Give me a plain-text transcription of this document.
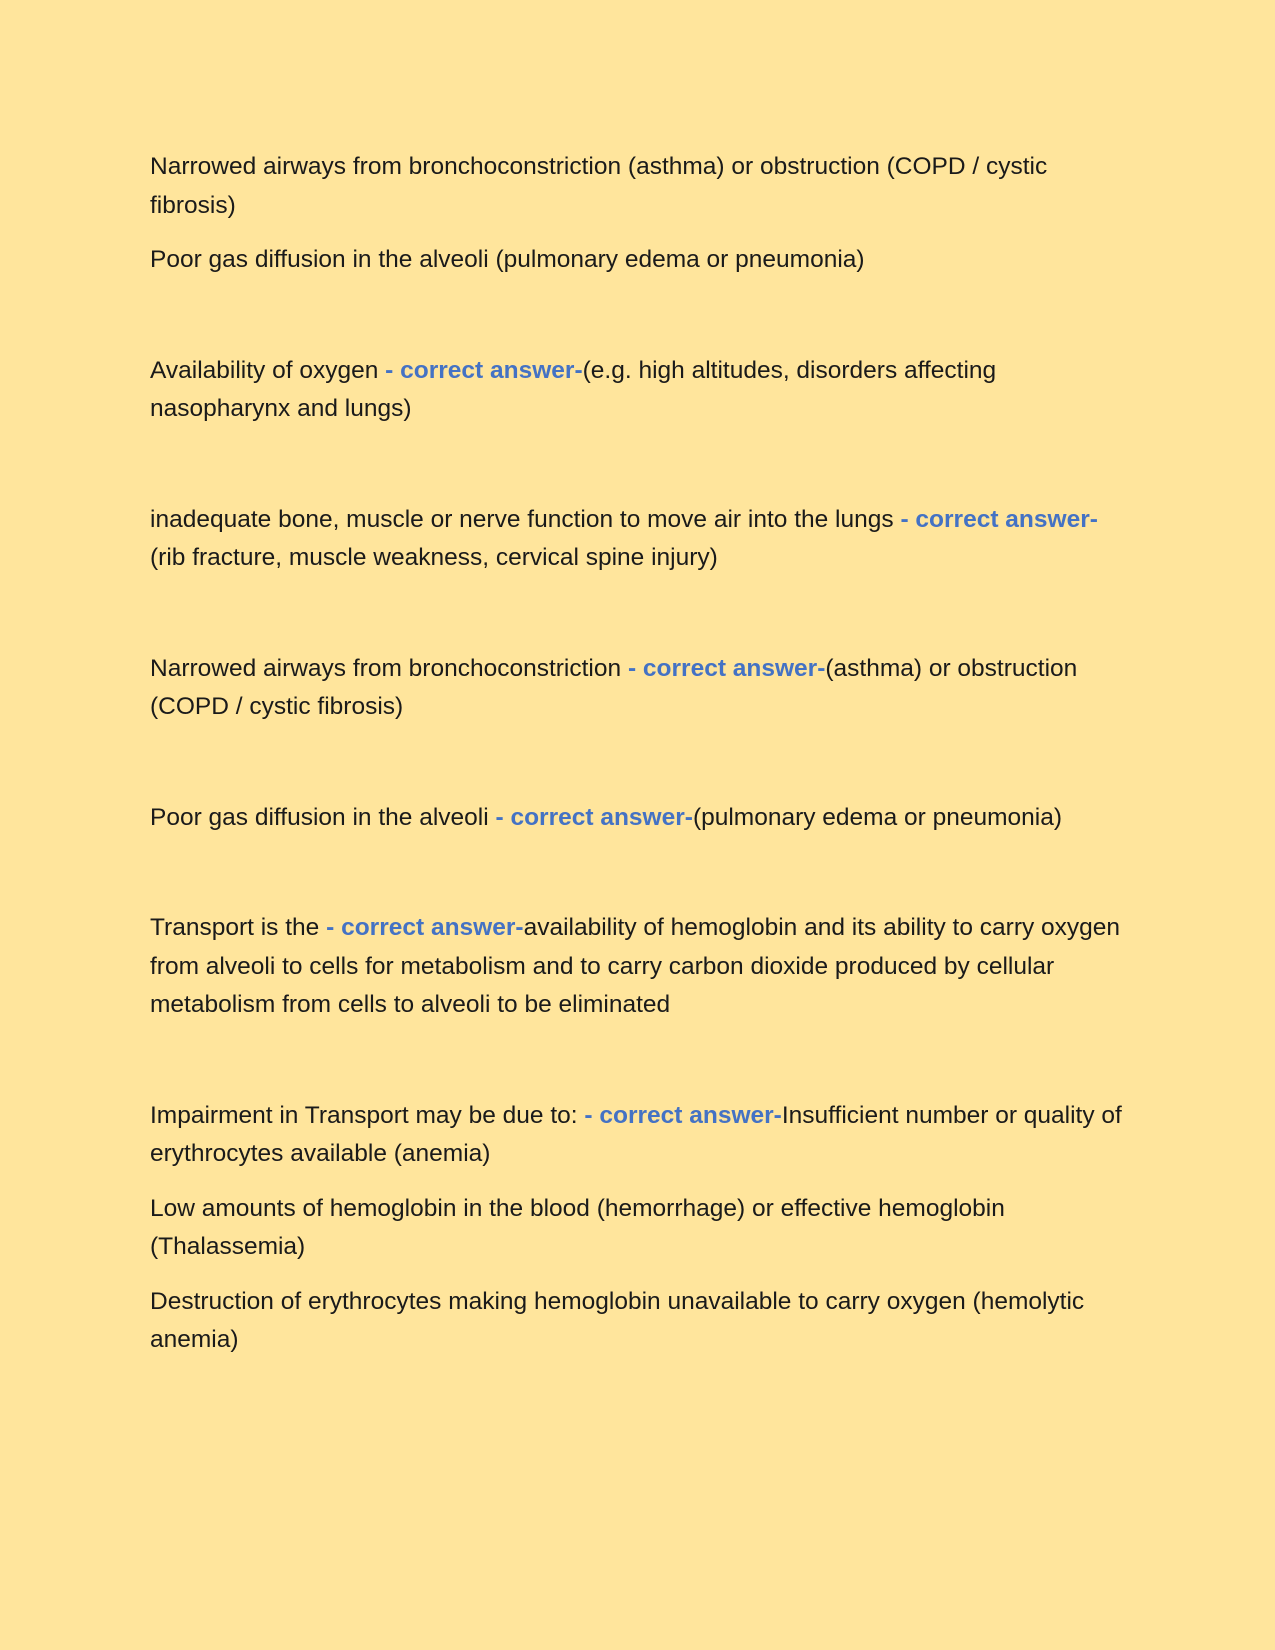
Narrowed airways from bronchoconstriction (asthma) or obstruction (COPD / cystic fibrosis)

Poor gas diffusion in the alveoli (pulmonary edema or pneumonia)

Availability of oxygen - correct answer-(e.g. high altitudes, disorders affecting nasopharynx and lungs)

inadequate bone, muscle or nerve function to move air into the lungs - correct answer-(rib fracture, muscle weakness, cervical spine injury)

Narrowed airways from bronchoconstriction - correct answer-(asthma) or obstruction (COPD / cystic fibrosis)

Poor gas diffusion in the alveoli - correct answer-(pulmonary edema or pneumonia)

Transport is the - correct answer-availability of hemoglobin and its ability to carry oxygen from alveoli to cells for metabolism and to carry carbon dioxide produced by cellular metabolism from cells to alveoli to be eliminated

Impairment in Transport may be due to: - correct answer-Insufficient number or quality of erythrocytes available (anemia)

Low amounts of hemoglobin in the blood (hemorrhage) or effective hemoglobin (Thalassemia)

Destruction of erythrocytes making hemoglobin unavailable to carry oxygen (hemolytic anemia)
